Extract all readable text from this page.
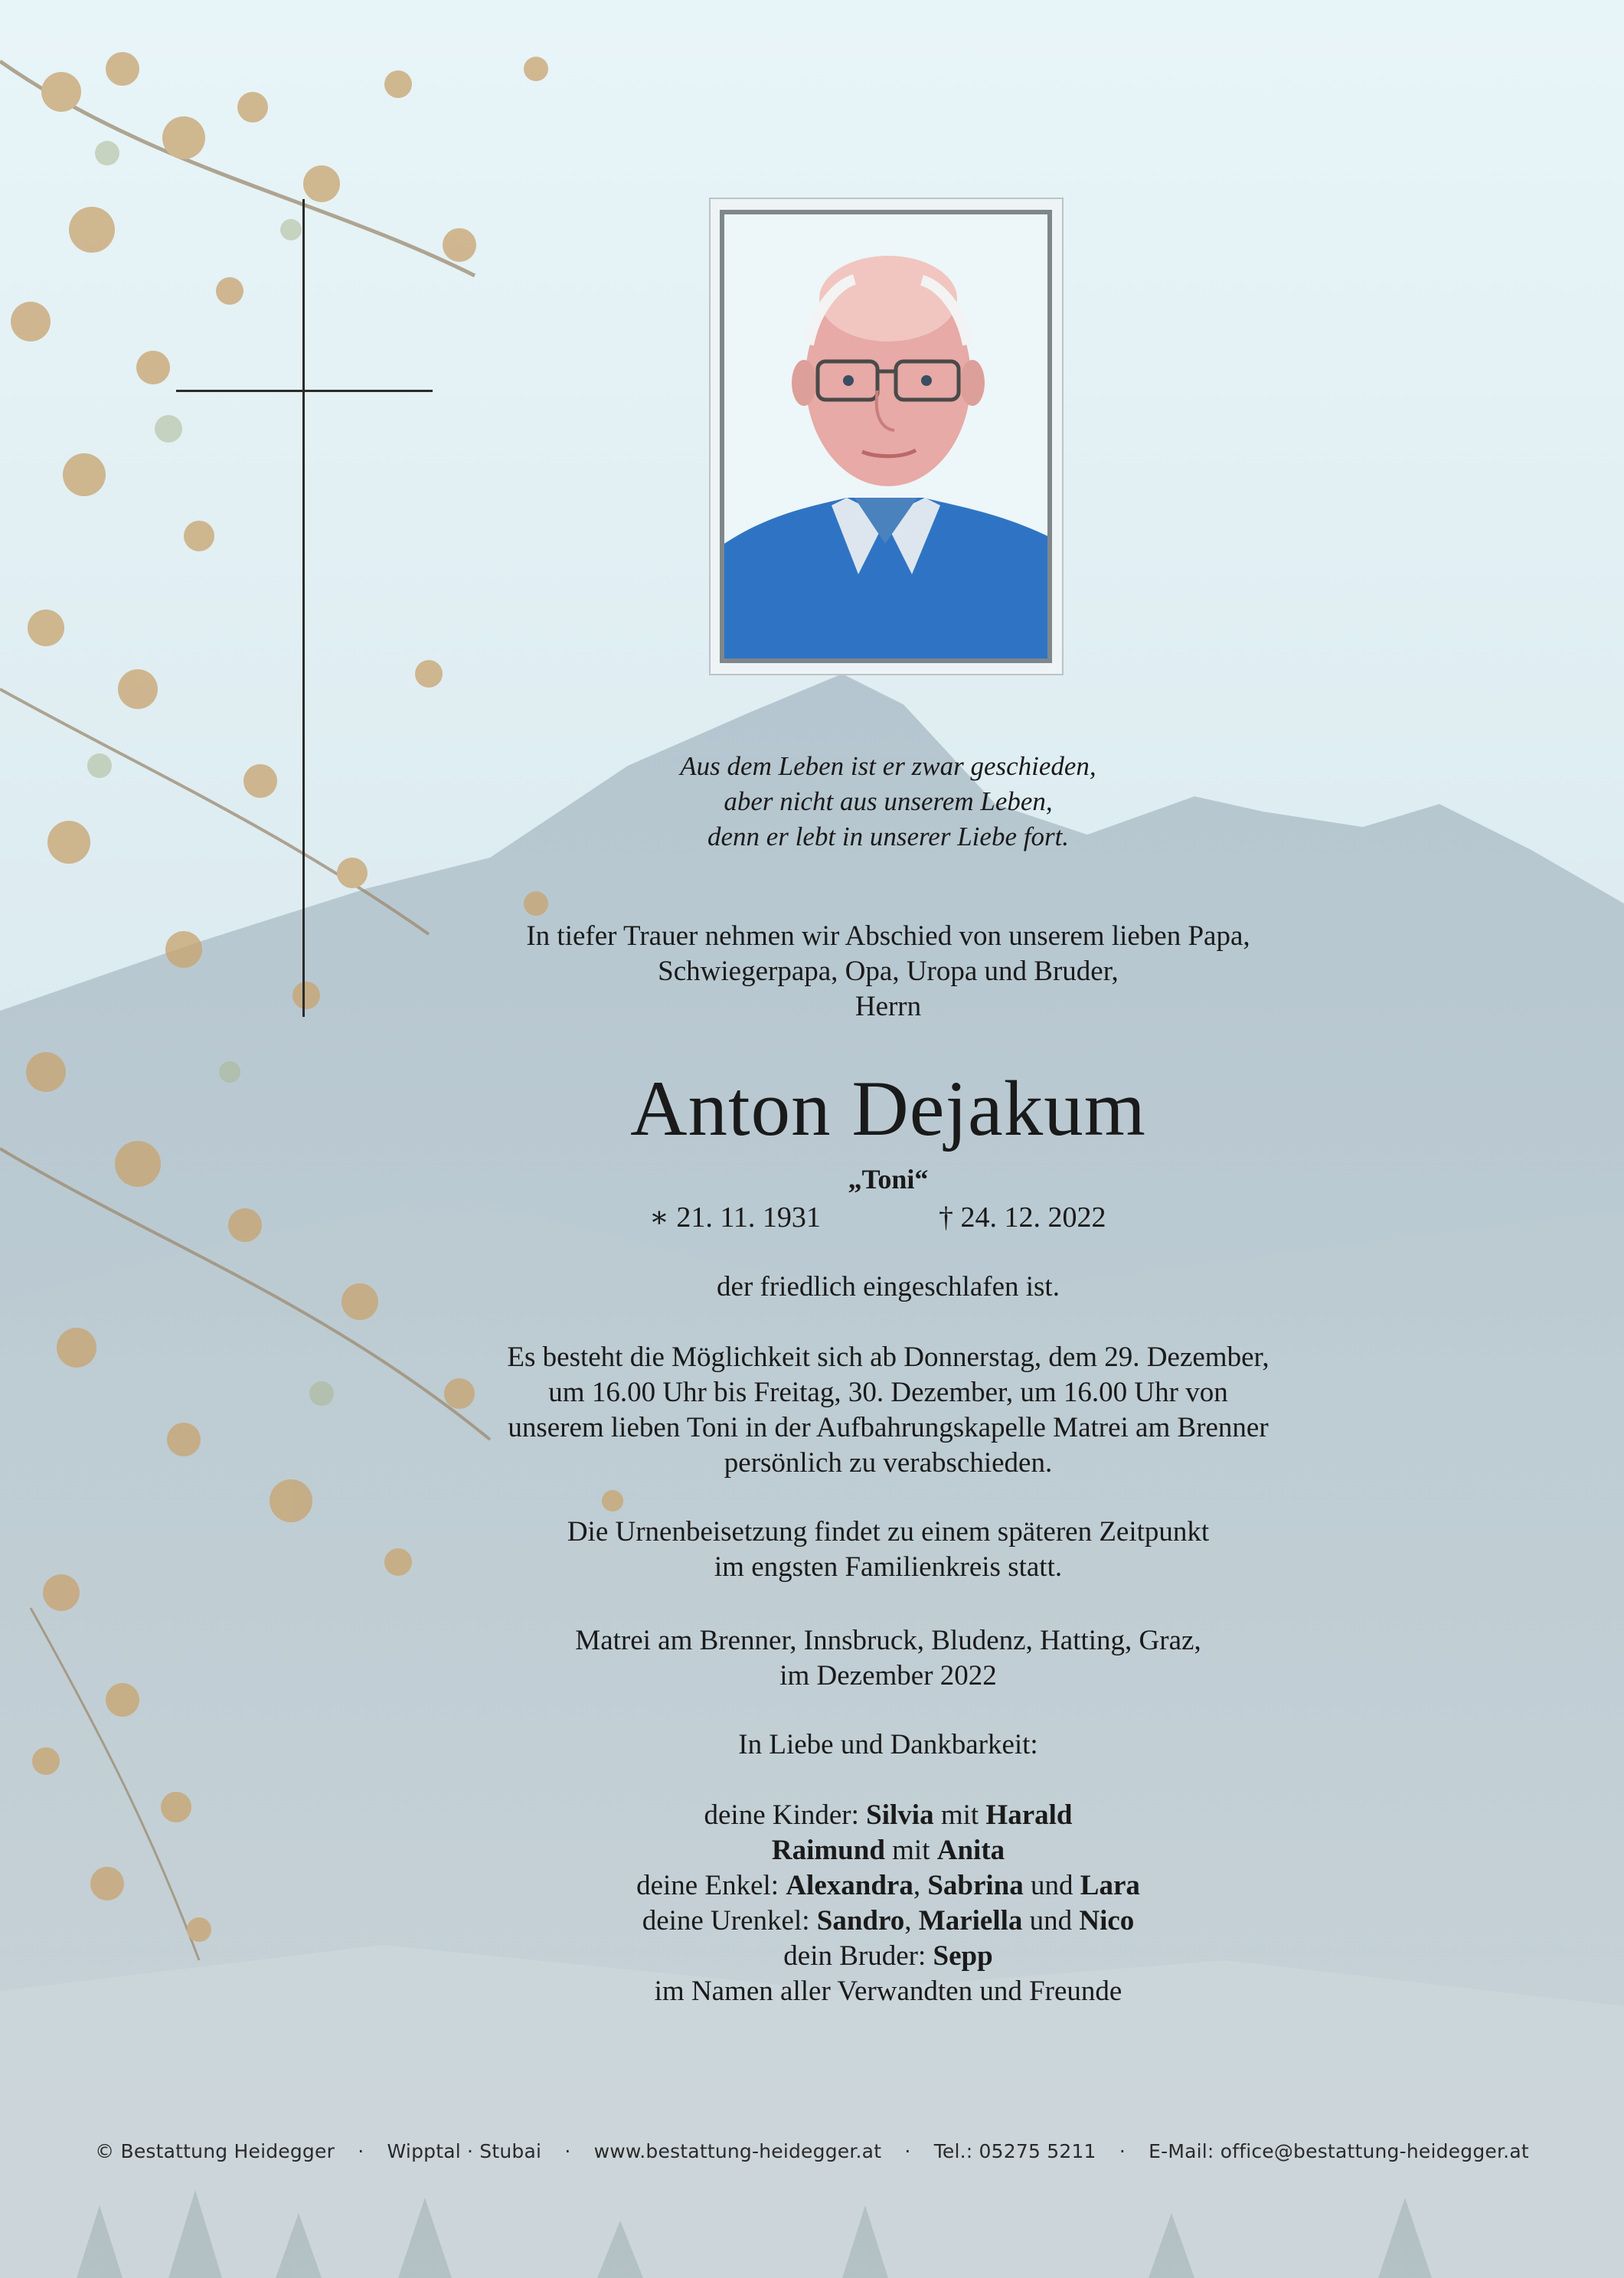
Aus dem Leben ist er zwar geschieden,
aber nicht aus unserem Leben,
denn er lebt in unserer Liebe fort.
In tiefer Trauer nehmen wir Abschied von unserem lieben Papa,
Schwiegerpapa, Opa, Uropa und Bruder,
Herrn
Anton Dejakum
„Toni“
∗ 21. 11. 1931	† 24. 12. 2022
der friedlich eingeschlafen ist.
Es besteht die Möglichkeit sich ab Donnerstag, dem 29. Dezember,
um 16.00 Uhr bis Freitag, 30. Dezember, um 16.00 Uhr von
unserem lieben Toni in der Aufbahrungskapelle Matrei am Brenner
persönlich zu verabschieden.
Die Urnenbeisetzung findet zu einem späteren Zeitpunkt
im engsten Familienkreis statt.
Matrei am Brenner, Innsbruck, Bludenz, Hatting, Graz,
im Dezember 2022
In Liebe und Dankbarkeit:
deine Kinder: Silvia mit Harald
Raimund mit Anita
deine Enkel: Alexandra, Sabrina und Lara
deine Urenkel: Sandro, Mariella und Nico
dein Bruder: Sepp
im Namen aller Verwandten und Freunde
© Bestattung Heidegger · Wipptal · Stubai · www.bestattung-heidegger.at · Tel.: 05275 5211 · E-Mail: office@bestattung-heidegger.at
